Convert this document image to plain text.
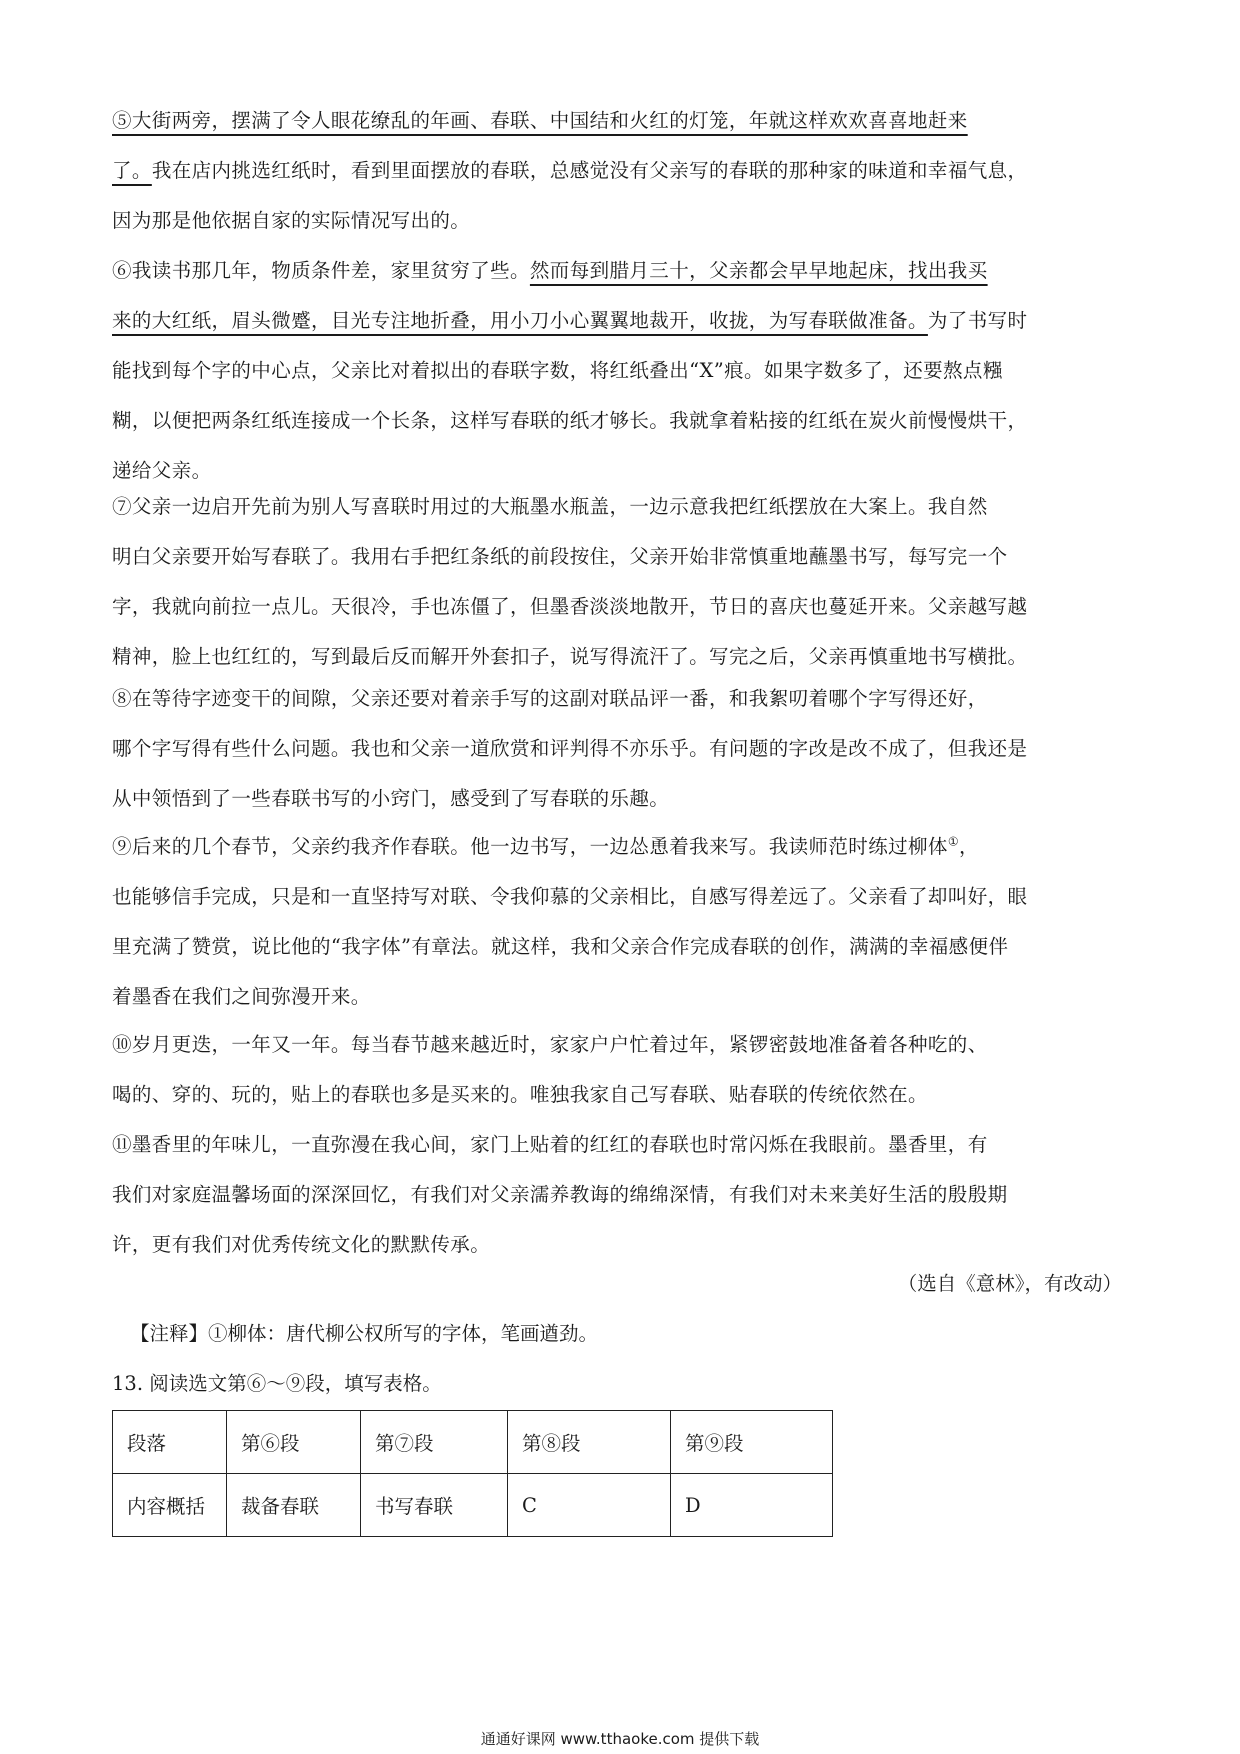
⑤大街两旁，摆满了令人眼花缭乱的年画、春联、中国结和火红的灯笼，年就这样欢欢喜喜地赶来
了。我在店内挑选红纸时，看到里面摆放的春联，总感觉没有父亲写的春联的那种家的味道和幸福气息，
因为那是他依据自家的实际情况写出的。

⑥我读书那几年，物质条件差，家里贫穷了些。然而每到腊月三十，父亲都会早早地起床，找出我买
来的大红纸，眉头微蹙，目光专注地折叠，用小刀小心翼翼地裁开，收拢，为写春联做准备。为了书写时
能找到每个字的中心点，父亲比对着拟出的春联字数，将红纸叠出“X”痕。如果字数多了，还要熬点糨
糊，以便把两条红纸连接成一个长条，这样写春联的纸才够长。我就拿着粘接的红纸在炭火前慢慢烘干，
递给父亲。

⑦父亲一边启开先前为别人写喜联时用过的大瓶墨水瓶盖，一边示意我把红纸摆放在大案上。我自然
明白父亲要开始写春联了。我用右手把红条纸的前段按住，父亲开始非常慎重地蘸墨书写，每写完一个
字，我就向前拉一点儿。天很冷，手也冻僵了，但墨香淡淡地散开，节日的喜庆也蔓延开来。父亲越写越
精神，脸上也红红的，写到最后反而解开外套扣子，说写得流汗了。写完之后，父亲再慎重地书写横批。

⑧在等待字迹变干的间隙，父亲还要对着亲手写的这副对联品评一番，和我絮叨着哪个字写得还好，
哪个字写得有些什么问题。我也和父亲一道欣赏和评判得不亦乐乎。有问题的字改是改不成了，但我还是
从中领悟到了一些春联书写的小窍门，感受到了写春联的乐趣。

⑨后来的几个春节，父亲约我齐作春联。他一边书写，一边怂恿着我来写。我读师范时练过柳体①，
也能够信手完成，只是和一直坚持写对联、令我仰慕的父亲相比，自感写得差远了。父亲看了却叫好，眼
里充满了赞赏，说比他的“我字体”有章法。就这样，我和父亲合作完成春联的创作，满满的幸福感便伴
着墨香在我们之间弥漫开来。

⑩岁月更迭，一年又一年。每当春节越来越近时，家家户户忙着过年，紧锣密鼓地准备着各种吃的、
喝的、穿的、玩的，贴上的春联也多是买来的。唯独我家自己写春联、贴春联的传统依然在。

⑪墨香里的年味儿，一直弥漫在我心间，家门上贴着的红红的春联也时常闪烁在我眼前。墨香里，有
我们对家庭温馨场面的深深回忆，有我们对父亲濡养教诲的绵绵深情，有我们对未来美好生活的殷殷期
许，更有我们对优秀传统文化的默默传承。

（选自《意林》，有改动）
【注释】①柳体：唐代柳公权所写的字体，笔画遒劲。
13. 阅读选文第⑥～⑨段，填写表格。
段落	第⑥段	第⑦段	第⑧段	第⑨段
内容概括	裁备春联	书写春联	C	D
通通好课网 www.tthaoke.com 提供下载
